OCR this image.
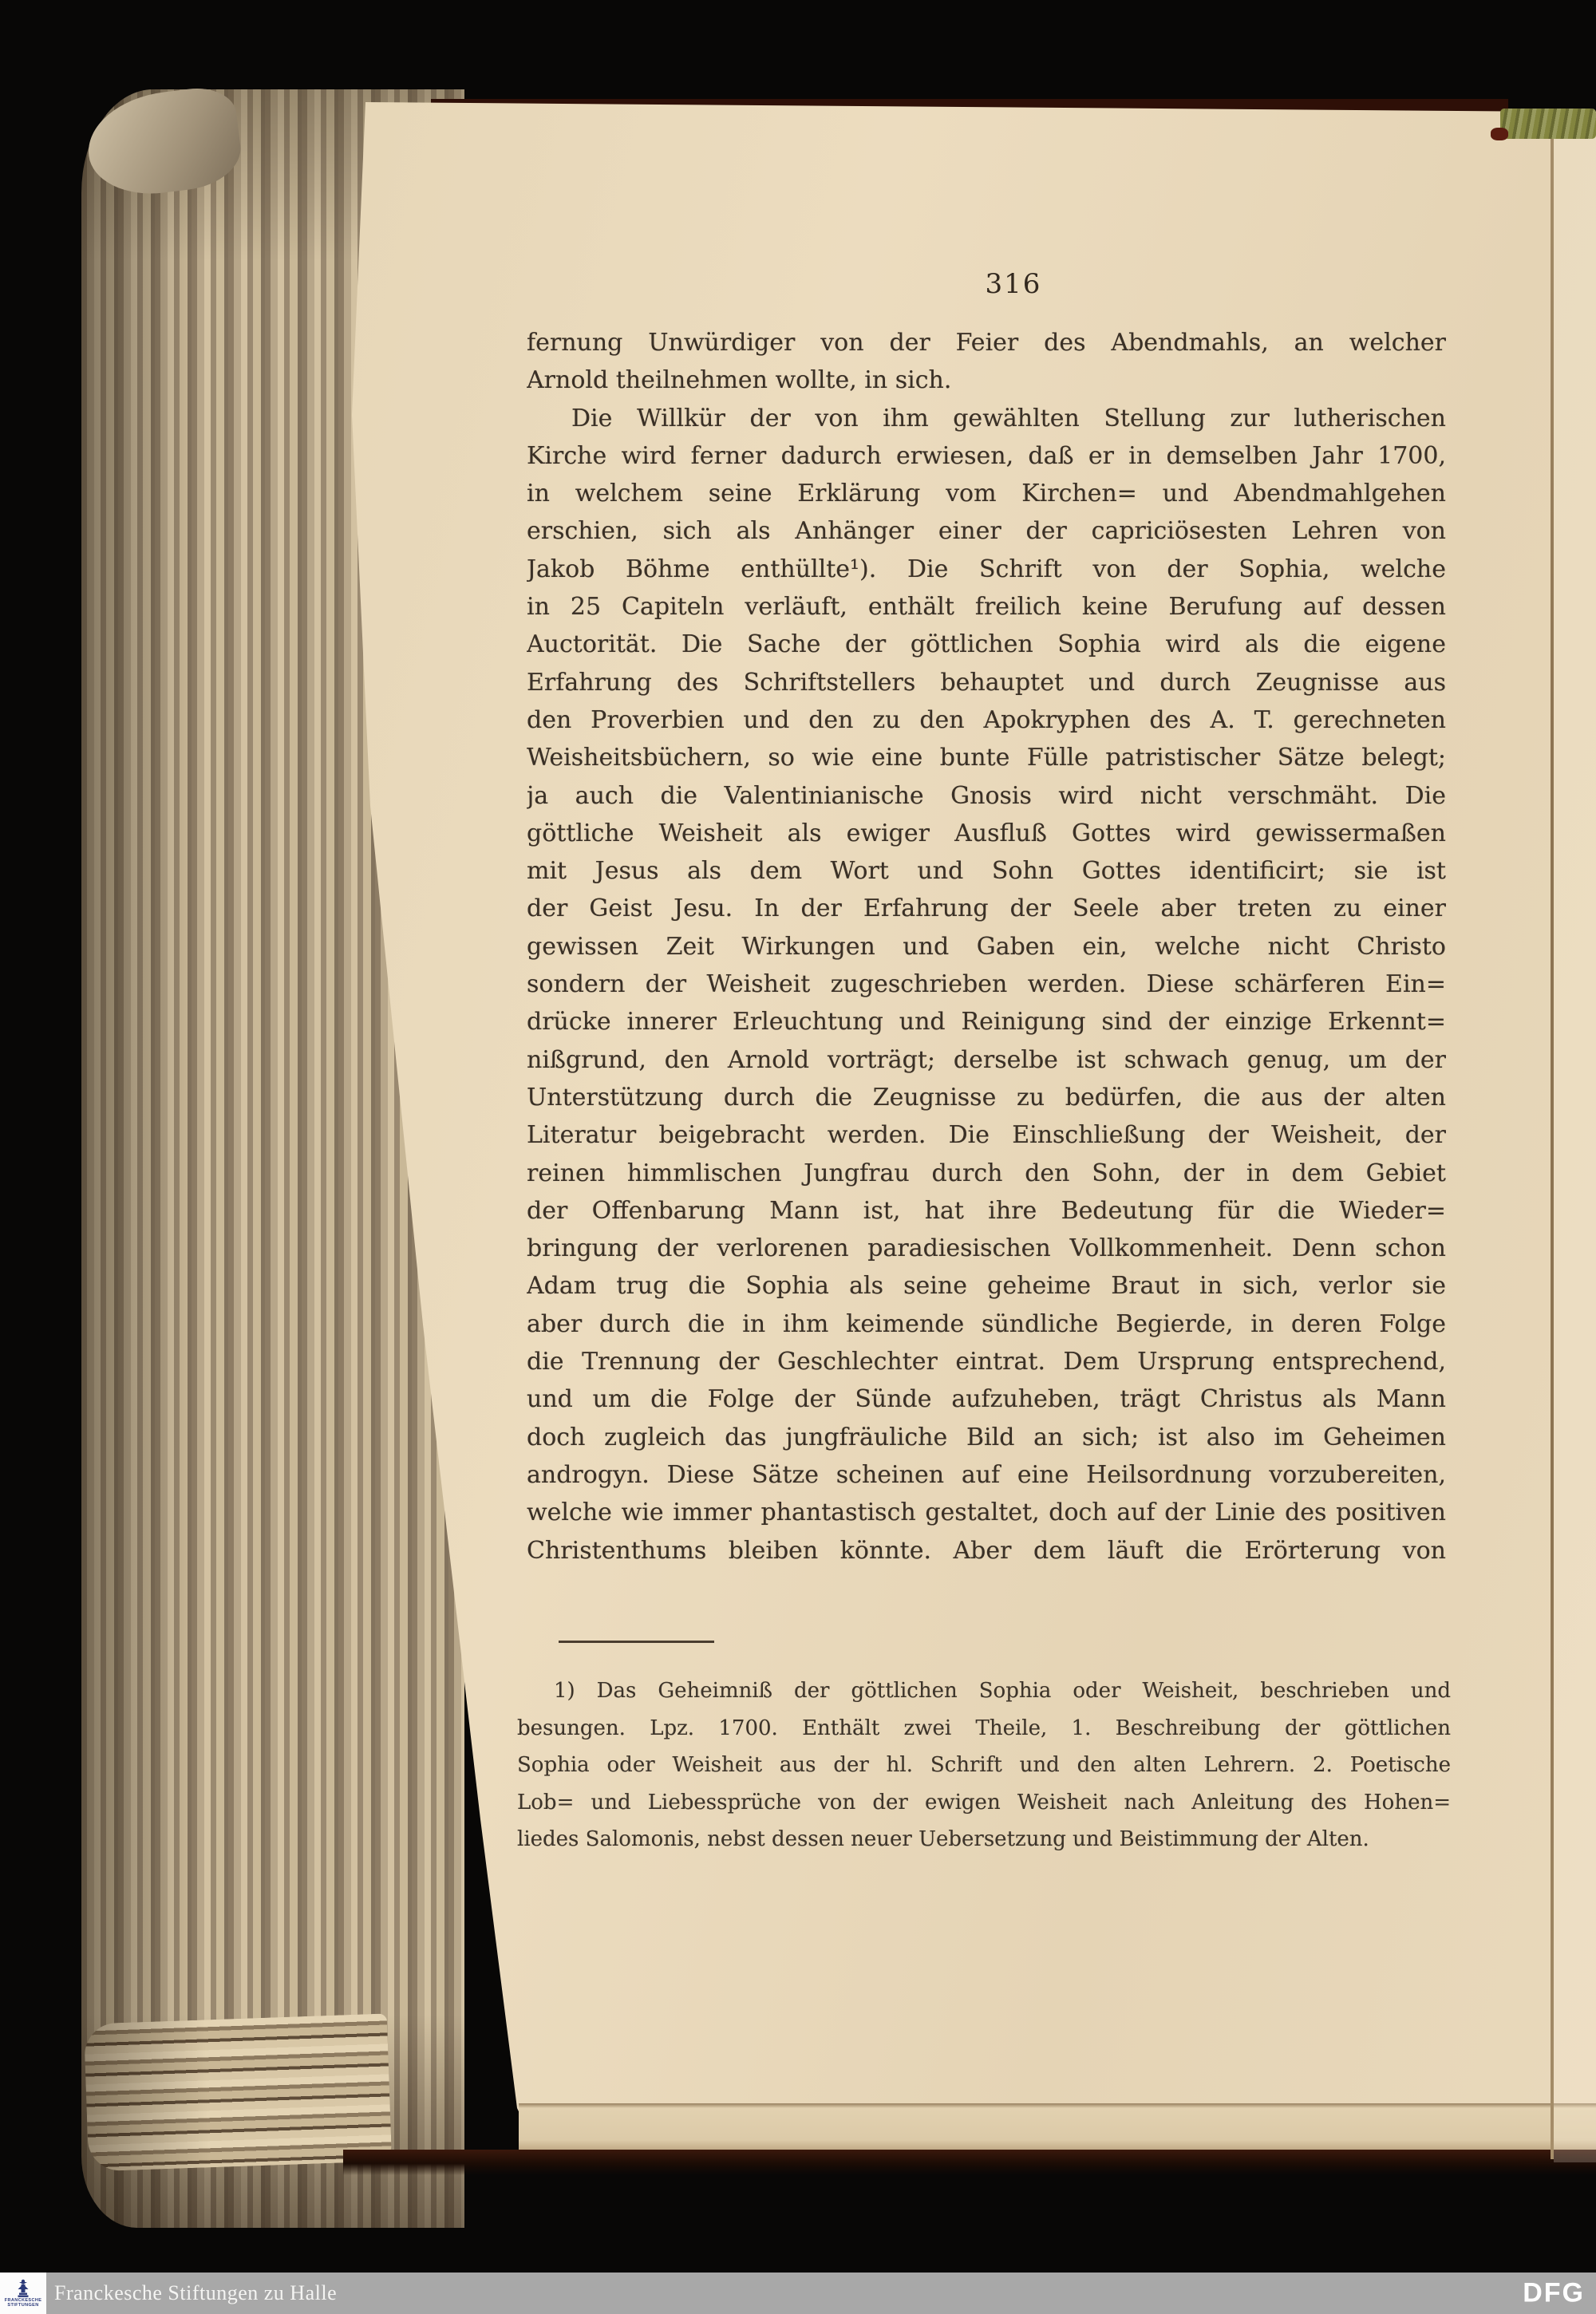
316
fernung Unwürdiger von der Feier des Abendmahls, an welcher
Arnold theilnehmen wollte, in sich.
Die Willkür der von ihm gewählten Stellung zur lutherischen
Kirche wird ferner dadurch erwiesen, daß er in demselben Jahr 1700,
in welchem seine Erklärung vom Kirchen= und Abendmahlgehen
erschien, sich als Anhänger einer der capriciösesten Lehren von
Jakob Böhme enthüllte¹). Die Schrift von der Sophia, welche
in 25 Capiteln verläuft, enthält freilich keine Berufung auf dessen
Auctorität. Die Sache der göttlichen Sophia wird als die eigene
Erfahrung des Schriftstellers behauptet und durch Zeugnisse aus
den Proverbien und den zu den Apokryphen des A. T. gerechneten
Weisheitsbüchern, so wie eine bunte Fülle patristischer Sätze belegt;
ja auch die Valentinianische Gnosis wird nicht verschmäht. Die
göttliche Weisheit als ewiger Ausfluß Gottes wird gewissermaßen
mit Jesus als dem Wort und Sohn Gottes identificirt; sie ist
der Geist Jesu. In der Erfahrung der Seele aber treten zu einer
gewissen Zeit Wirkungen und Gaben ein, welche nicht Christo
sondern der Weisheit zugeschrieben werden. Diese schärferen Ein=
drücke innerer Erleuchtung und Reinigung sind der einzige Erkennt=
nißgrund, den Arnold vorträgt; derselbe ist schwach genug, um der
Unterstützung durch die Zeugnisse zu bedürfen, die aus der alten
Literatur beigebracht werden. Die Einschließung der Weisheit, der
reinen himmlischen Jungfrau durch den Sohn, der in dem Gebiet
der Offenbarung Mann ist, hat ihre Bedeutung für die Wieder=
bringung der verlorenen paradiesischen Vollkommenheit. Denn schon
Adam trug die Sophia als seine geheime Braut in sich, verlor sie
aber durch die in ihm keimende sündliche Begierde, in deren Folge
die Trennung der Geschlechter eintrat. Dem Ursprung entsprechend,
und um die Folge der Sünde aufzuheben, trägt Christus als Mann
doch zugleich das jungfräuliche Bild an sich; ist also im Geheimen
androgyn. Diese Sätze scheinen auf eine Heilsordnung vorzubereiten,
welche wie immer phantastisch gestaltet, doch auf der Linie des positiven
Christenthums bleiben könnte. Aber dem läuft die Erörterung von
1) Das Geheimniß der göttlichen Sophia oder Weisheit, beschrieben und
besungen. Lpz. 1700. Enthält zwei Theile, 1. Beschreibung der göttlichen
Sophia oder Weisheit aus der hl. Schrift und den alten Lehrern. 2. Poetische
Lob= und Liebessprüche von der ewigen Weisheit nach Anleitung des Hohen=
liedes Salomonis, nebst dessen neuer Uebersetzung und Beistimmung der Alten.
FRANCKESCHE
STIFTUNGEN
Franckesche Stiftungen zu Halle	DFG
